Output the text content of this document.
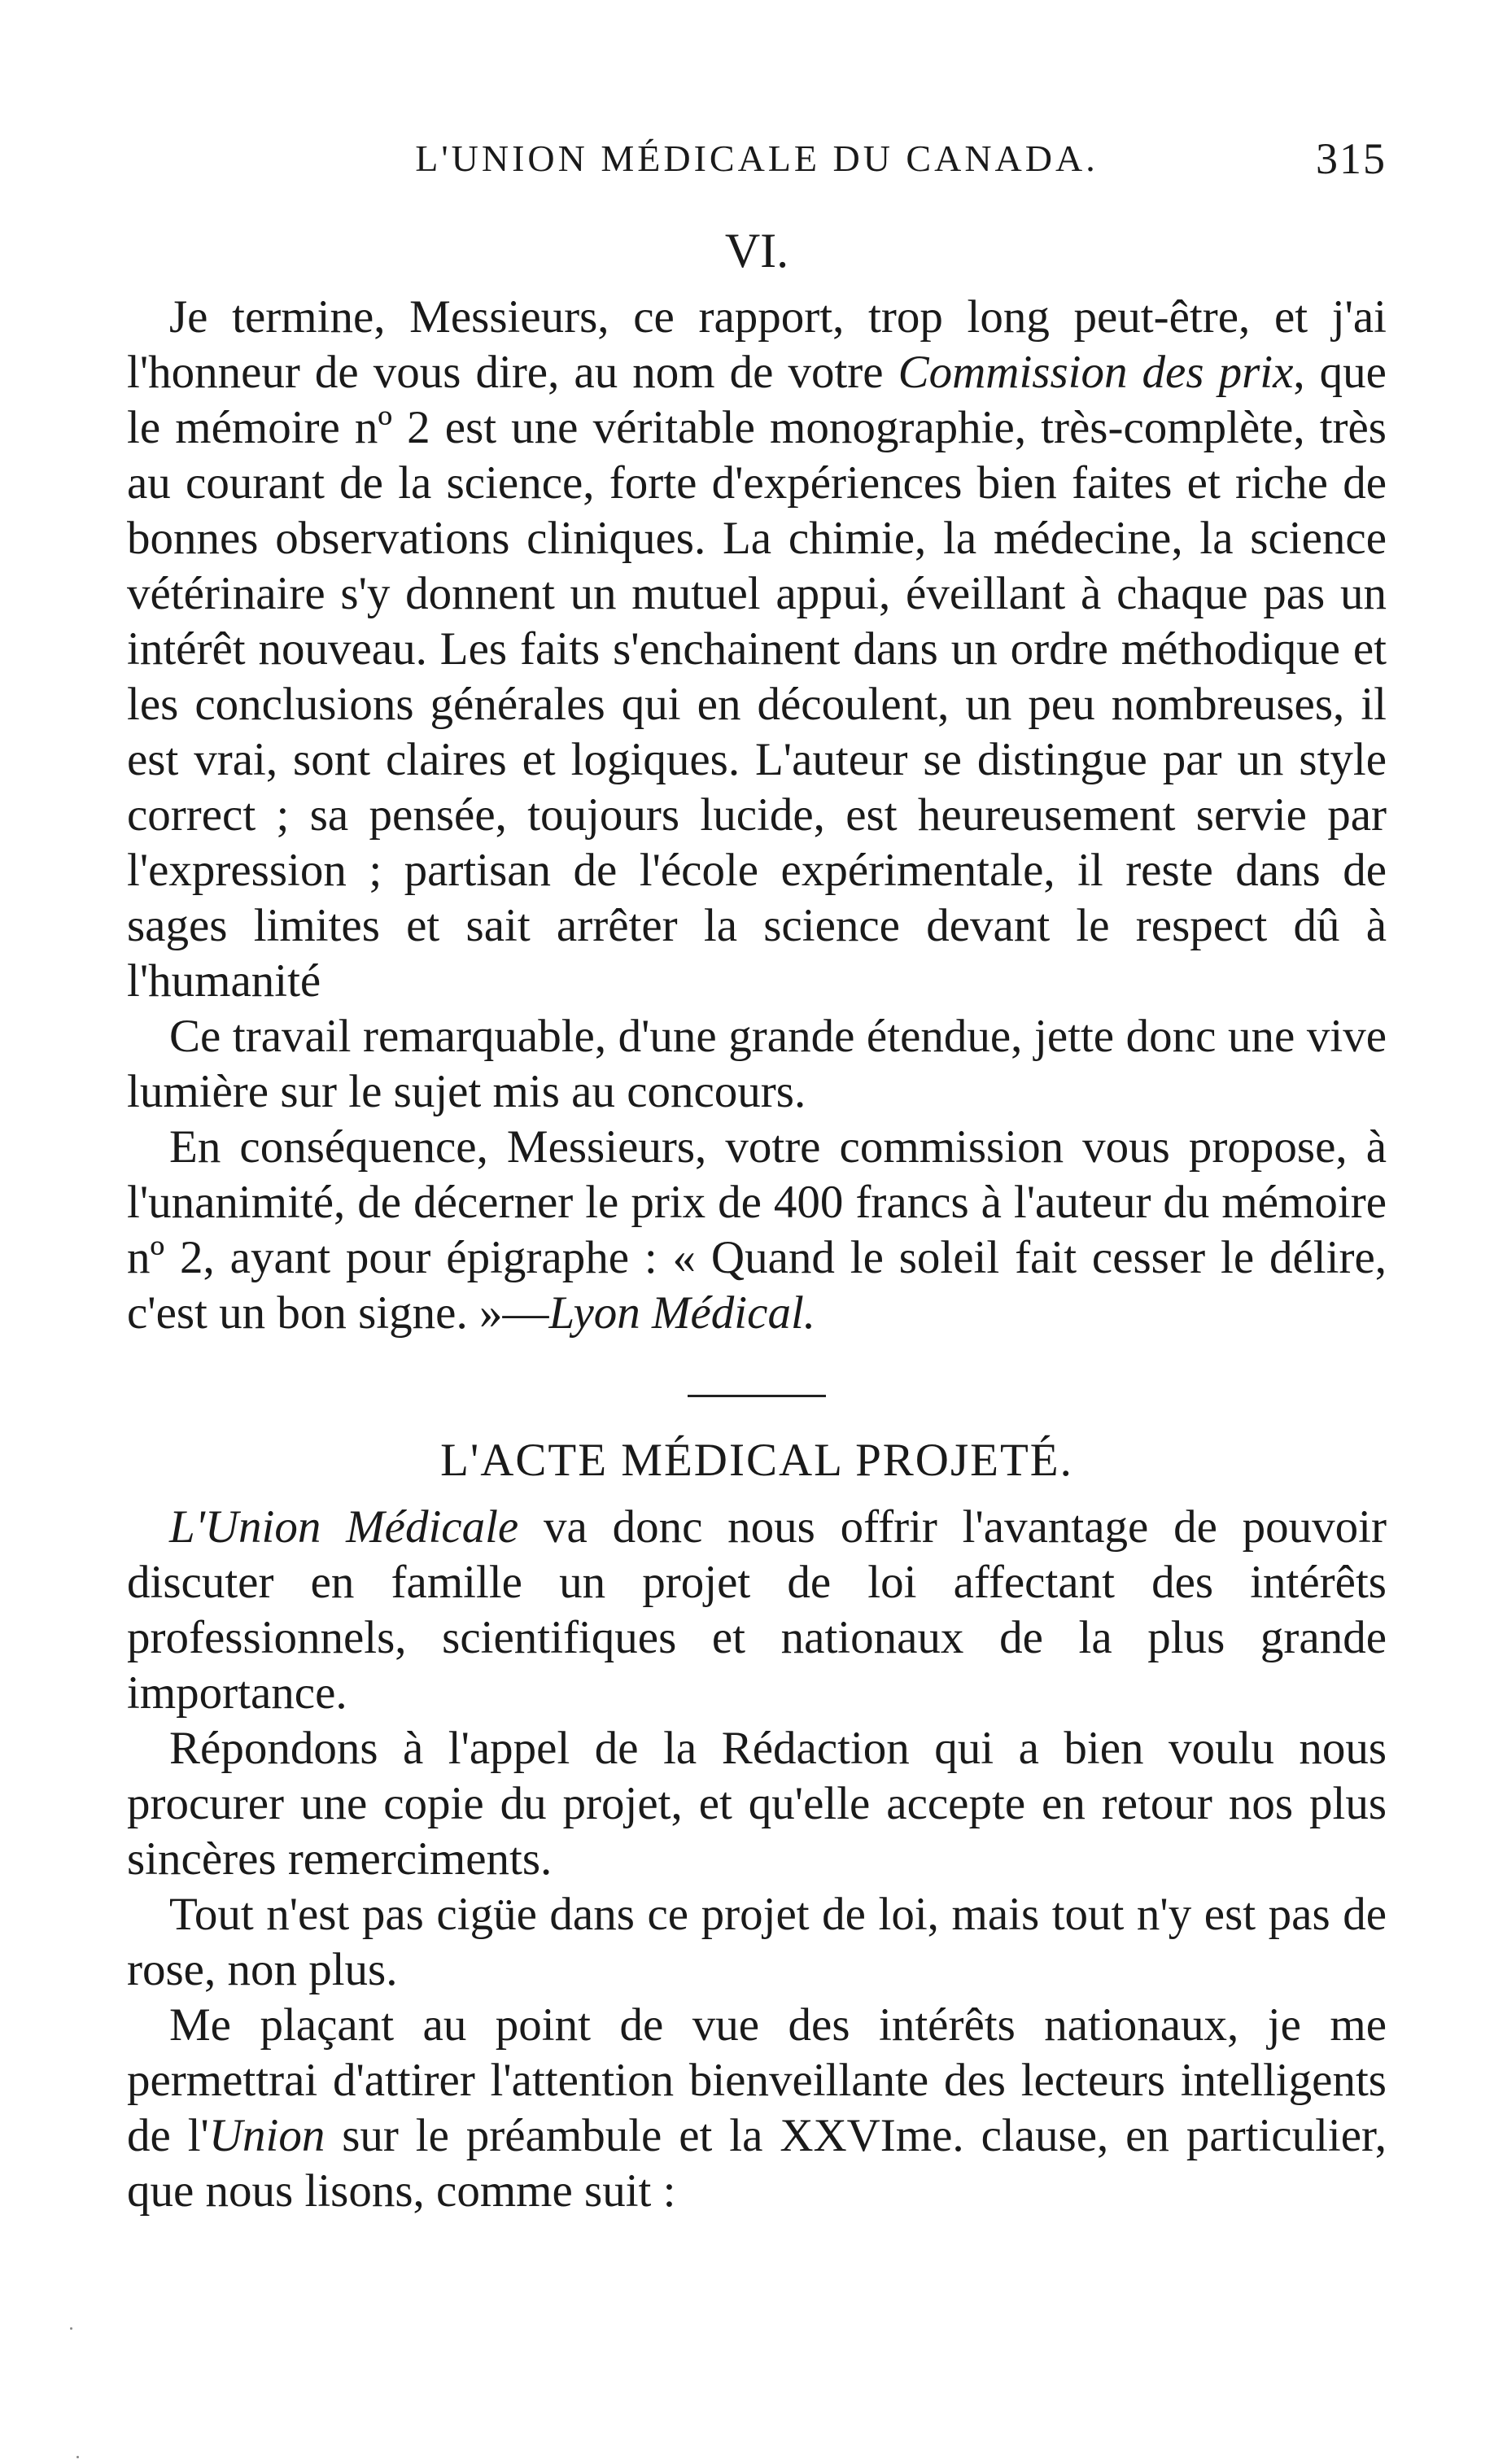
L'UNION MÉDICALE DU CANADA.	315
VI.

Je termine, Messieurs, ce rapport, trop long peut-être, et j'ai l'honneur de vous dire, au nom de votre Commission des prix, que le mémoire nº 2 est une véritable monographie, très-complète, très au courant de la science, forte d'expériences bien faites et riche de bonnes observations cliniques. La chimie, la médecine, la science vétérinaire s'y donnent un mutuel appui, éveillant à chaque pas un intérêt nouveau. Les faits s'enchainent dans un ordre méthodique et les conclusions générales qui en découlent, un peu nombreuses, il est vrai, sont claires et logiques. L'auteur se distingue par un style correct ; sa pensée, toujours lucide, est heureusement servie par l'expression ; partisan de l'école expérimentale, il reste dans de sages limites et sait arrêter la science devant le respect dû à l'humanité

Ce travail remarquable, d'une grande étendue, jette donc une vive lumière sur le sujet mis au concours.

En conséquence, Messieurs, votre commission vous propose, à l'unanimité, de décerner le prix de 400 francs à l'auteur du mémoire nº 2, ayant pour épigraphe : « Quand le soleil fait cesser le délire, c'est un bon signe. »—Lyon Médical.

L'ACTE MÉDICAL PROJETÉ.

L'Union Médicale va donc nous offrir l'avantage de pouvoir discuter en famille un projet de loi affectant des intérêts professionnels, scientifiques et nationaux de la plus grande importance.

Répondons à l'appel de la Rédaction qui a bien voulu nous procurer une copie du projet, et qu'elle accepte en retour nos plus sincères remerciments.

Tout n'est pas cigüe dans ce projet de loi, mais tout n'y est pas de rose, non plus.

Me plaçant au point de vue des intérêts nationaux, je me permettrai d'attirer l'attention bienveillante des lecteurs intelligents de l'Union sur le préambule et la XXVIme. clause, en particulier, que nous lisons, comme suit :
